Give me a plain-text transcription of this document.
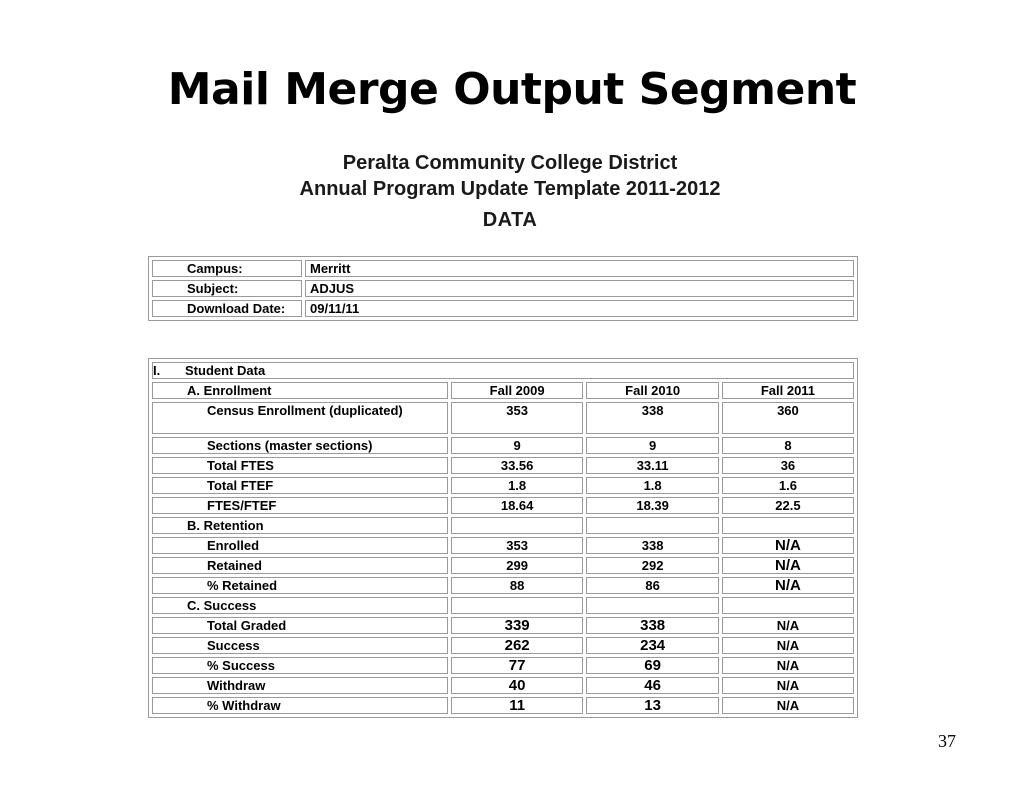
Mail Merge Output Segment
Peralta Community College District
Annual Program Update Template 2011-2012
DATA
Campus:	Merritt
Subject:	ADJUS
Download Date:	09/11/11
I. Student Data			
A. Enrollment	Fall 2009	Fall 2010	Fall 2011
Census Enrollment (duplicated)	353	338	360
Sections (master sections)	9	9	8
Total FTES	33.56	33.11	36
Total FTEF	1.8	1.8	1.6
FTES/FTEF	18.64	18.39	22.5
B. Retention			
Enrolled	353	338	N/A
Retained	299	292	N/A
% Retained	88	86	N/A
C. Success			
Total Graded	339	338	N/A
Success	262	234	N/A
% Success	77	69	N/A
Withdraw	40	46	N/A
% Withdraw	11	13	N/A
37
